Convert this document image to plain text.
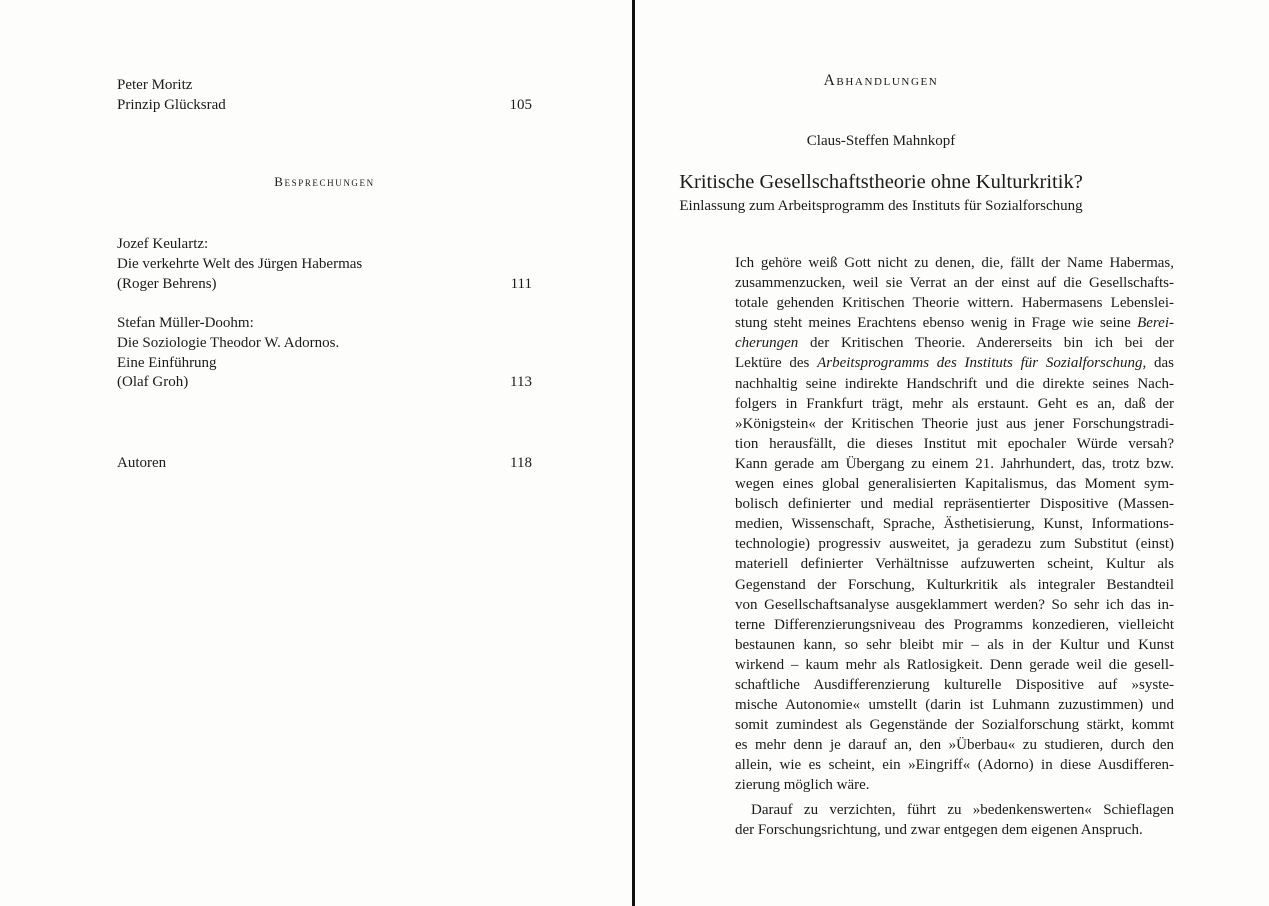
Peter Moritz
Prinzip Glücksrad	105
Besprechungen
Jozef Keulartz:
Die verkehrte Welt des Jürgen Habermas
(Roger Behrens)	111
Stefan Müller-Doohm:
Die Soziologie Theodor W. Adornos.
Eine Einführung
(Olaf Groh)	113
Autoren	118
Abhandlungen
Claus-Steffen Mahnkopf
Kritische Gesellschaftstheorie ohne Kulturkritik?
Einlassung zum Arbeitsprogramm des Instituts für Sozialforschung
Ich gehöre weiß Gott nicht zu denen, die, fällt der Name Habermas,
zusammenzucken, weil sie Verrat an der einst auf die Gesellschafts-
totale gehenden Kritischen Theorie wittern. Habermasens Lebenslei-
stung steht meines Erachtens ebenso wenig in Frage wie seine Berei-
cherungen der Kritischen Theorie. Andererseits bin ich bei der
Lektüre des Arbeitsprogramms des Instituts für Sozialforschung, das
nachhaltig seine indirekte Handschrift und die direkte seines Nach-
folgers in Frankfurt trägt, mehr als erstaunt. Geht es an, daß der
»Königstein« der Kritischen Theorie just aus jener Forschungstradi-
tion herausfällt, die dieses Institut mit epochaler Würde versah?
Kann gerade am Übergang zu einem 21. Jahrhundert, das, trotz bzw.
wegen eines global generalisierten Kapitalismus, das Moment sym-
bolisch definierter und medial repräsentierter Dispositive (Massen-
medien, Wissenschaft, Sprache, Ästhetisierung, Kunst, Informations-
technologie) progressiv ausweitet, ja geradezu zum Substitut (einst)
materiell definierter Verhältnisse aufzuwerten scheint, Kultur als
Gegenstand der Forschung, Kulturkritik als integraler Bestandteil
von Gesellschaftsanalyse ausgeklammert werden? So sehr ich das in-
terne Differenzierungsniveau des Programms konzedieren, vielleicht
bestaunen kann, so sehr bleibt mir – als in der Kultur und Kunst
wirkend – kaum mehr als Ratlosigkeit. Denn gerade weil die gesell-
schaftliche Ausdifferenzierung kulturelle Dispositive auf »syste-
mische Autonomie« umstellt (darin ist Luhmann zuzustimmen) und
somit zumindest als Gegenstände der Sozialforschung stärkt, kommt
es mehr denn je darauf an, den »Überbau« zu studieren, durch den
allein, wie es scheint, ein »Eingriff« (Adorno) in diese Ausdifferen-
zierung möglich wäre.
Darauf zu verzichten, führt zu »bedenkenswerten« Schieflagen
der Forschungsrichtung, und zwar entgegen dem eigenen Anspruch.
